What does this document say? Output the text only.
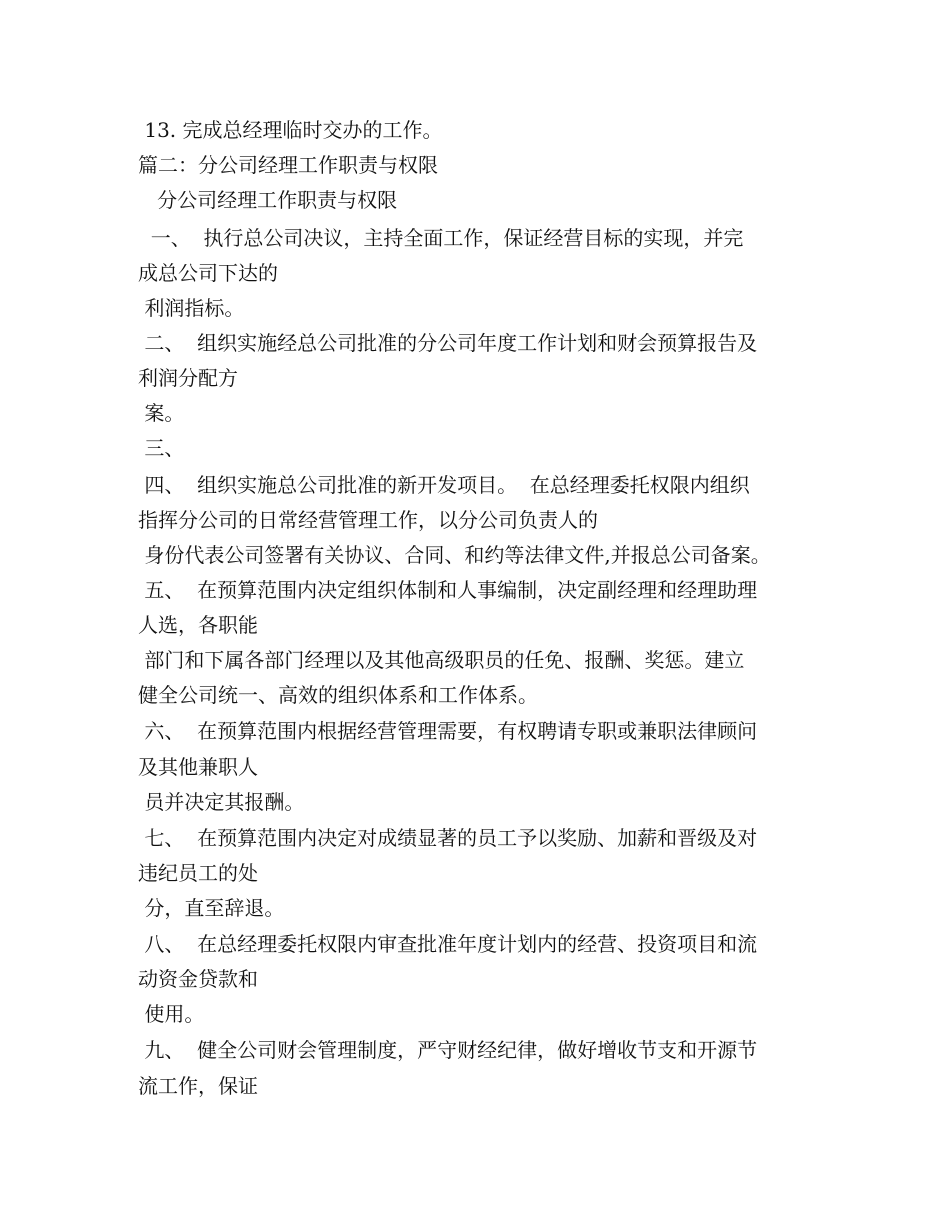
13. 完成总经理临时交办的工作。
篇二：分公司经理工作职责与权限
分公司经理工作职责与权限
一、  执行总公司决议，主持全面工作，保证经营目标的实现，并完
成总公司下达的
利润指标。
二、  组织实施经总公司批准的分公司年度工作计划和财会预算报告及
利润分配方
案。
三、
四、  组织实施总公司批准的新开发项目。  在总经理委托权限内组织
指挥分公司的日常经营管理工作，以分公司负责人的
身份代表公司签署有关协议、合同、和约等法律文件,并报总公司备案。
五、  在预算范围内决定组织体制和人事编制，决定副经理和经理助理
人选，各职能
部门和下属各部门经理以及其他高级职员的任免、报酬、奖惩。建立
健全公司统一、高效的组织体系和工作体系。
六、  在预算范围内根据经营管理需要，有权聘请专职或兼职法律顾问
及其他兼职人
员并决定其报酬。
七、  在预算范围内决定对成绩显著的员工予以奖励、加薪和晋级及对
违纪员工的处
分，直至辞退。
八、  在总经理委托权限内审查批准年度计划内的经营、投资项目和流
动资金贷款和
使用。
九、  健全公司财会管理制度，严守财经纪律，做好增收节支和开源节
流工作，保证
